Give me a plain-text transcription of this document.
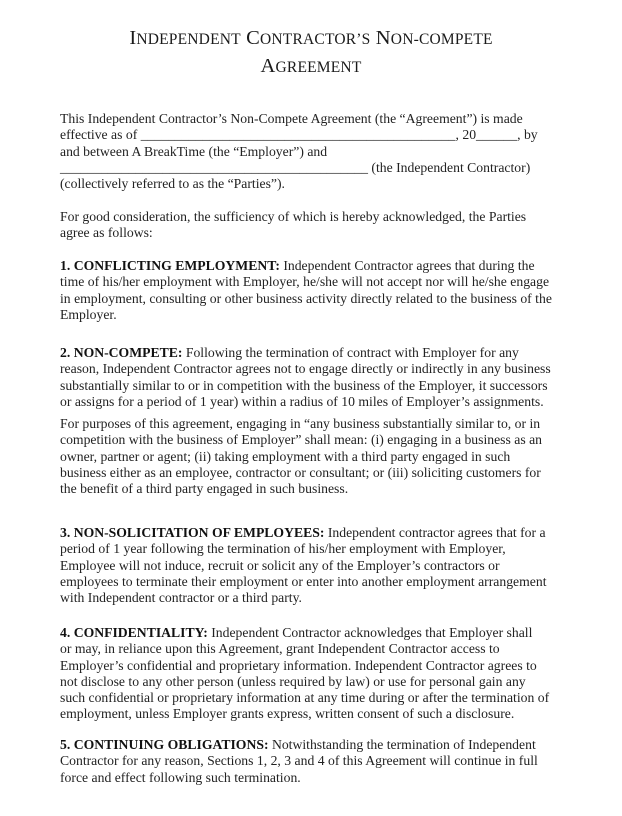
INDEPENDENT CONTRACTOR’S NON-COMPETE
AGREEMENT
This Independent Contractor’s Non-Compete Agreement (the “Agreement”) is made
effective as of ______________________________________________, 20______, by
and between A BreakTime (the “Employer”) and
_____________________________________________ (the Independent Contractor)
(collectively referred to as the “Parties”).
For good consideration, the sufficiency of which is hereby acknowledged, the Parties
agree as follows:
1. CONFLICTING EMPLOYMENT: Independent Contractor agrees that during the
time of his/her employment with Employer, he/she will not accept nor will he/she engage
in employment, consulting or other business activity directly related to the business of the
Employer.
2. NON-COMPETE: Following the termination of contract with Employer for any
reason, Independent Contractor agrees not to engage directly or indirectly in any business
substantially similar to or in competition with the business of the Employer, it successors
or assigns for a period of 1 year) within a radius of 10 miles of Employer’s assignments.
For purposes of this agreement, engaging in “any business substantially similar to, or in
competition with the business of Employer” shall mean: (i) engaging in a business as an
owner, partner or agent; (ii) taking employment with a third party engaged in such
business either as an employee, contractor or consultant; or (iii) soliciting customers for
the benefit of a third party engaged in such business.
3. NON-SOLICITATION OF EMPLOYEES: Independent contractor agrees that for a
period of 1 year following the termination of his/her employment with Employer,
Employee will not induce, recruit or solicit any of the Employer’s contractors or
employees to terminate their employment or enter into another employment arrangement
with Independent contractor or a third party.
4. CONFIDENTIALITY: Independent Contractor acknowledges that Employer shall
or may, in reliance upon this Agreement, grant Independent Contractor access to
Employer’s confidential and proprietary information. Independent Contractor agrees to
not disclose to any other person (unless required by law) or use for personal gain any
such confidential or proprietary information at any time during or after the termination of
employment, unless Employer grants express, written consent of such a disclosure.
5. CONTINUING OBLIGATIONS: Notwithstanding the termination of Independent
Contractor for any reason, Sections 1, 2, 3 and 4 of this Agreement will continue in full
force and effect following such termination.
